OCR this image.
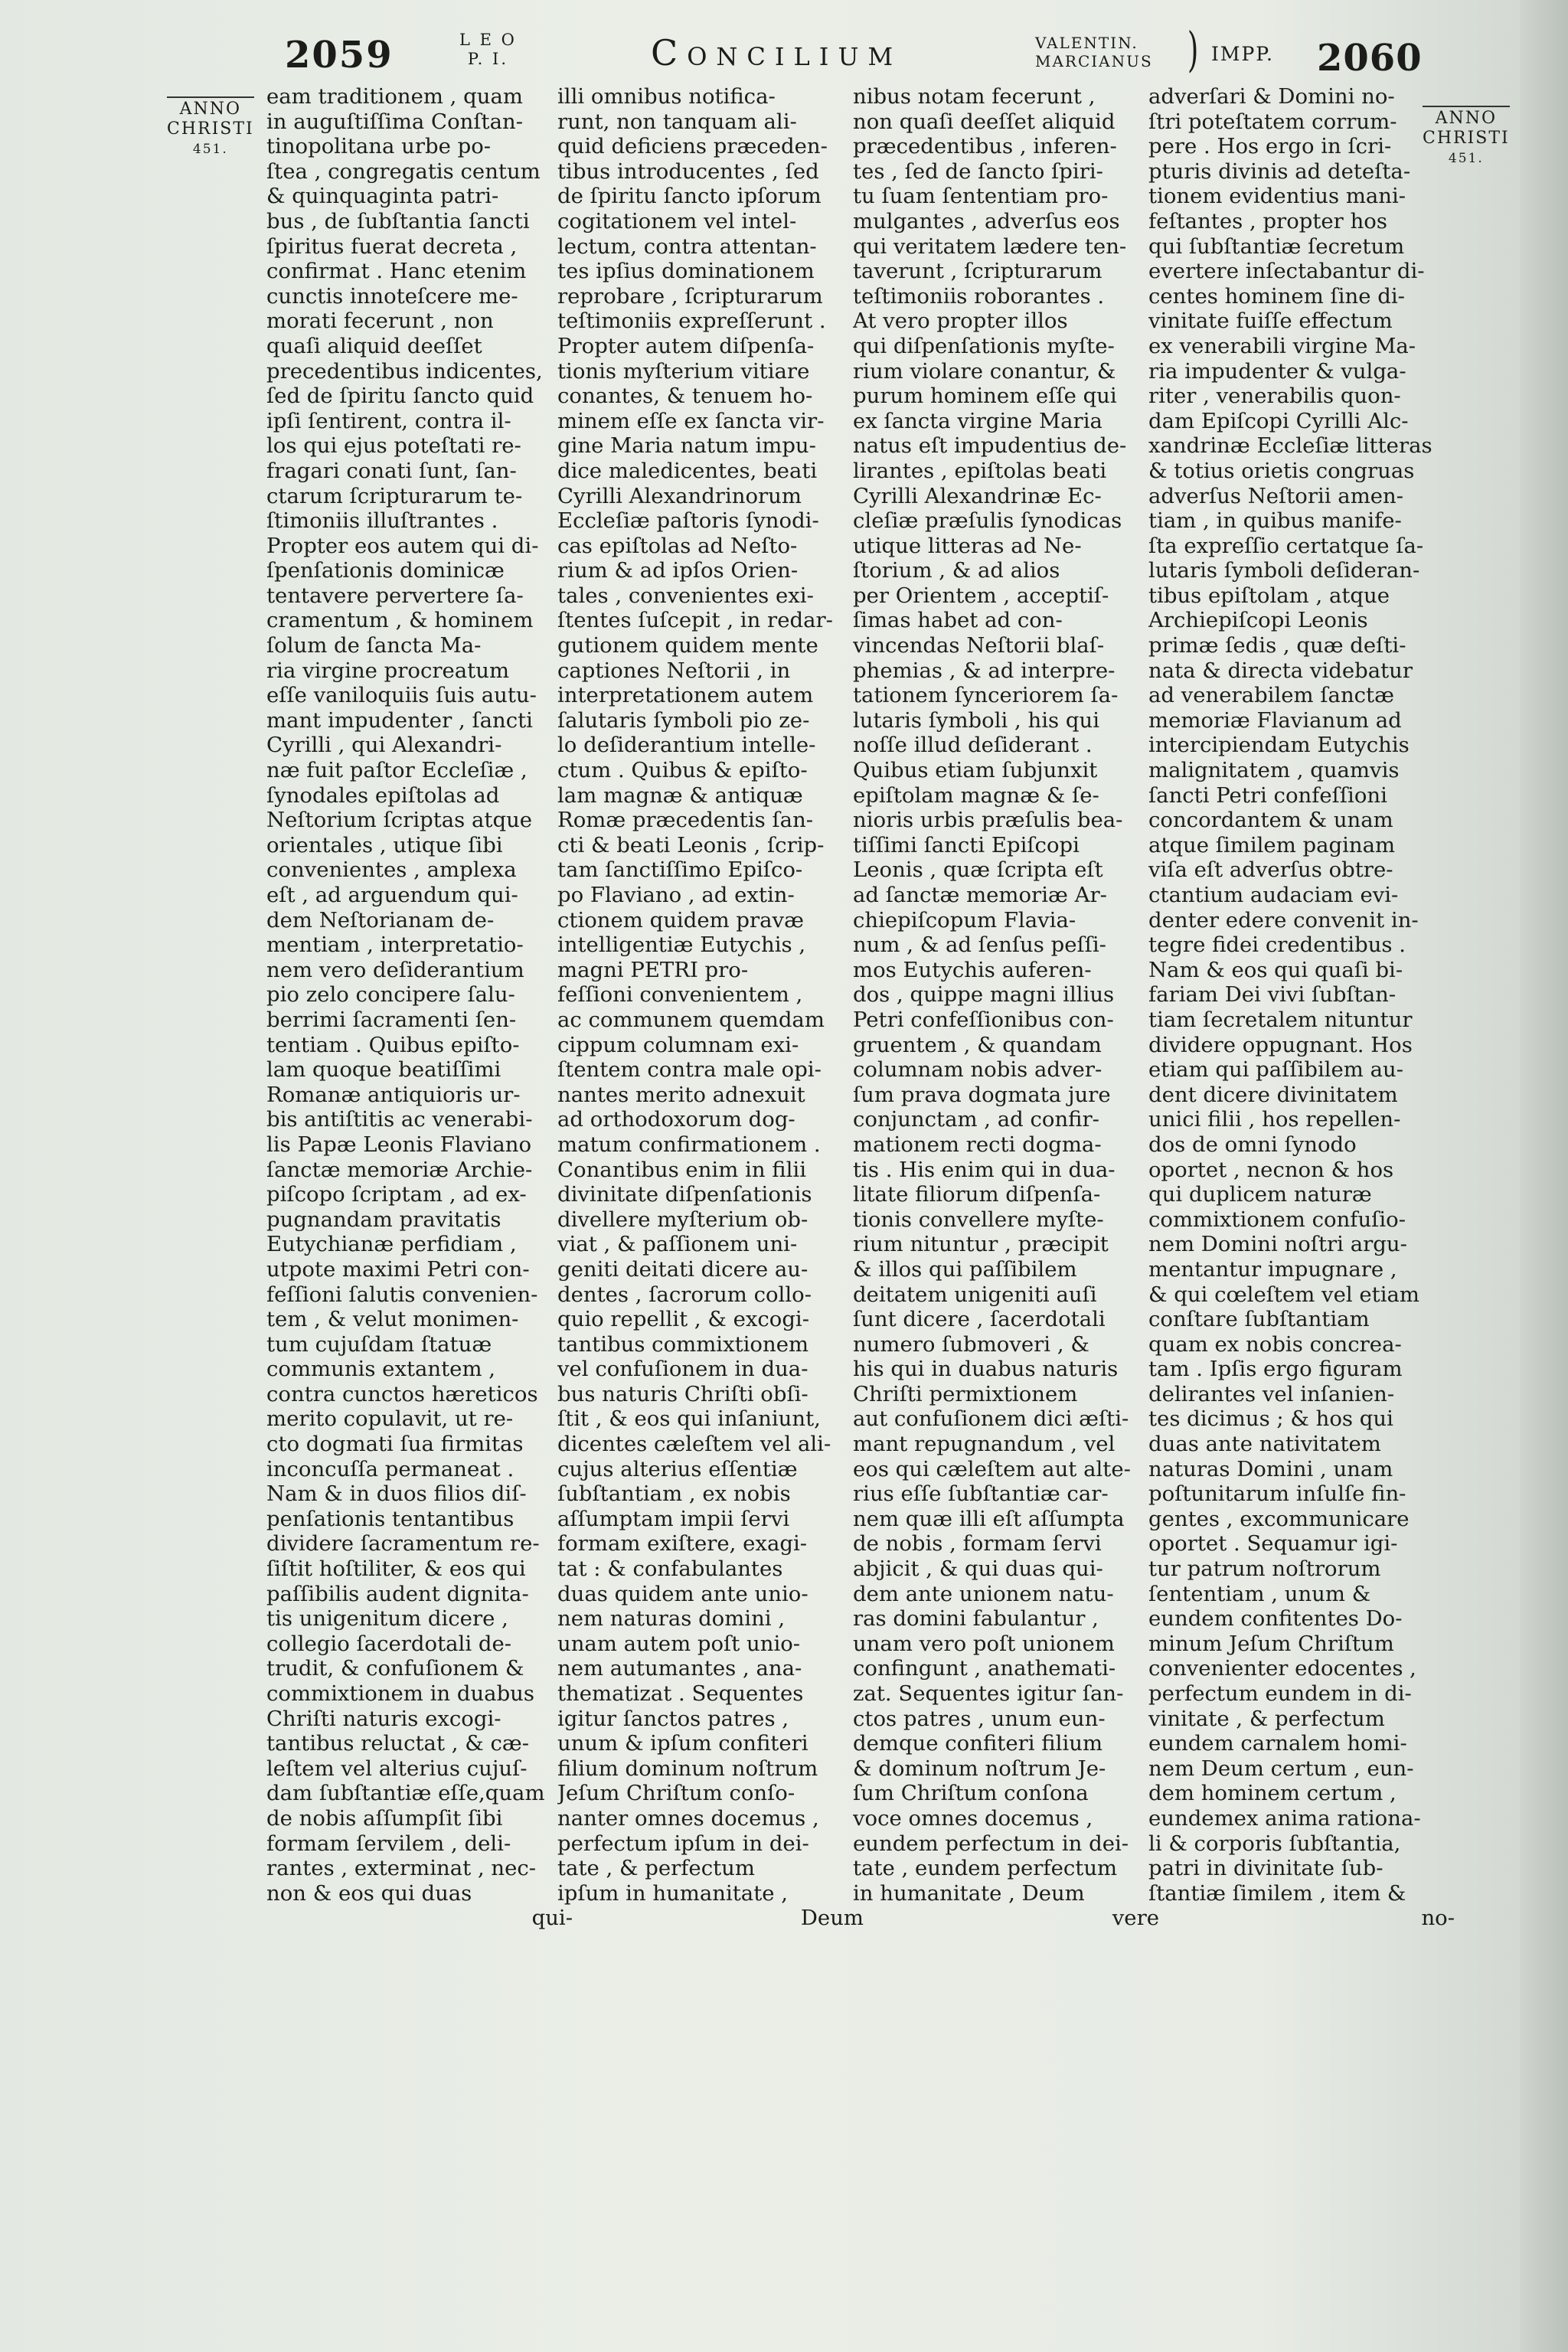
2059	L E O
P. I.	Concilium	VALENTIN.
MARCIANUS ) IMPP. 2060
ANNO
CHRISTI
451.
ANNO
CHRISTI
451.
eam traditionem , quam
in auguſtiſſima Conſtan-
tinopolitana urbe po-
ſtea , congregatis centum
& quinquaginta patri-
bus , de ſubſtantia ſancti
ſpiritus fuerat decreta ,
confirmat . Hanc etenim
cunctis innoteſcere me-
morati fecerunt , non
quaſi aliquid deeſſet
precedentibus indicentes,
ſed de ſpiritu ſancto quid
ipſi ſentirent, contra il-
los qui ejus poteſtati re-
fragari conati ſunt, ſan-
ctarum ſcripturarum te-
ſtimoniis illuſtrantes .
Propter eos autem qui di-
ſpenſationis dominicæ
tentavere pervertere ſa-
cramentum , & hominem
ſolum de ſancta Ma-
ria virgine procreatum
eſſe vaniloquiis ſuis autu-
mant impudenter , ſancti
Cyrilli , qui Alexandri-
næ fuit paſtor Eccleſiæ ,
ſynodales epiſtolas ad
Neſtorium ſcriptas atque
orientales , utique ſibi
convenientes , amplexa
eſt , ad arguendum qui-
dem Neſtorianam de-
mentiam , interpretatio-
nem vero deſiderantium
pio zelo concipere ſalu-
berrimi ſacramenti ſen-
tentiam . Quibus epiſto-
lam quoque beatiſſimi
Romanæ antiquioris ur-
bis antiſtitis ac venerabi-
lis Papæ Leonis Flaviano
ſanctæ memoriæ Archie-
piſcopo ſcriptam , ad ex-
pugnandam pravitatis
Eutychianæ perfidiam ,
utpote maximi Petri con-
feſſioni ſalutis convenien-
tem , & velut monimen-
tum cujuſdam ſtatuæ
communis extantem ,
contra cunctos hæreticos
merito copulavit, ut re-
cto dogmati ſua firmitas
inconcuſſa permaneat .
Nam & in duos filios diſ-
penſationis tentantibus
dividere ſacramentum re-
ſiſtit hoſtiliter, & eos qui
paſſibilis audent dignita-
tis unigenitum dicere ,
collegio ſacerdotali de-
trudit, & confuſionem &
commixtionem in duabus
Chriſti naturis excogi-
tantibus reluctat , & cæ-
leſtem vel alterius cujuſ-
dam ſubſtantiæ eſſe,quam
de nobis aſſumpſit ſibi
formam ſervilem , deli-
rantes , exterminat , nec-
non & eos qui duas
qui-
illi omnibus notifica-
runt, non tanquam ali-
quid deficiens præceden-
tibus introducentes , ſed
de ſpiritu ſancto ipſorum
cogitationem vel intel-
lectum, contra attentan-
tes ipſius dominationem
reprobare , ſcripturarum
teſtimoniis expreſſerunt .
Propter autem diſpenſa-
tionis myſterium vitiare
conantes, & tenuem ho-
minem eſſe ex ſancta vir-
gine Maria natum impu-
dice maledicentes, beati
Cyrilli Alexandrinorum
Eccleſiæ paſtoris ſynodi-
cas epiſtolas ad Neſto-
rium & ad ipſos Orien-
tales , convenientes exi-
ſtentes ſuſcepit , in redar-
gutionem quidem mente
captiones Neſtorii , in
interpretationem autem
ſalutaris ſymboli pio ze-
lo deſiderantium intelle-
ctum . Quibus & epiſto-
lam magnæ & antiquæ
Romæ præcedentis ſan-
cti & beati Leonis , ſcrip-
tam ſanctiſſimo Epiſco-
po Flaviano , ad extin-
ctionem quidem pravæ
intelligentiæ Eutychis ,
magni PETRI pro-
feſſioni convenientem ,
ac communem quemdam
cippum columnam exi-
ſtentem contra male opi-
nantes merito adnexuit
ad orthodoxorum dog-
matum confirmationem .
Conantibus enim in filii
divinitate diſpenſationis
divellere myſterium ob-
viat , & paſſionem uni-
geniti deitati dicere au-
dentes , ſacrorum collo-
quio repellit , & excogi-
tantibus commixtionem
vel confuſionem in dua-
bus naturis Chriſti obſi-
ſtit , & eos qui inſaniunt,
dicentes cæleſtem vel ali-
cujus alterius eſſentiæ
ſubſtantiam , ex nobis
aſſumptam impii ſervi
formam exiſtere, exagi-
tat : & confabulantes
duas quidem ante unio-
nem naturas domini ,
unam autem poſt unio-
nem autumantes , ana-
thematizat . Sequentes
igitur ſanctos patres ,
unum & ipſum confiteri
filium dominum noſtrum
Jeſum Chriſtum conſo-
nanter omnes docemus ,
perfectum ipſum in dei-
tate , & perfectum
ipſum in humanitate ,
Deum
nibus notam fecerunt ,
non quaſi deeſſet aliquid
præcedentibus , inferen-
tes , ſed de ſancto ſpiri-
tu ſuam ſententiam pro-
mulgantes , adverſus eos
qui veritatem lædere ten-
taverunt , ſcripturarum
teſtimoniis roborantes .
At vero propter illos
qui diſpenſationis myſte-
rium violare conantur, &
purum hominem eſſe qui
ex ſancta virgine Maria
natus eſt impudentius de-
lirantes , epiſtolas beati
Cyrilli Alexandrinæ Ec-
cleſiæ præſulis ſynodicas
utique litteras ad Ne-
ſtorium , & ad alios
per Orientem , acceptiſ-
ſimas habet ad con-
vincendas Neſtorii blaſ-
phemias , & ad interpre-
tationem ſynceriorem ſa-
lutaris ſymboli , his qui
noſſe illud deſiderant .
Quibus etiam ſubjunxit
epiſtolam magnæ & ſe-
nioris urbis præſulis bea-
tiſſimi ſancti Epiſcopi
Leonis , quæ ſcripta eſt
ad ſanctæ memoriæ Ar-
chiepiſcopum Flavia-
num , & ad ſenſus peſſi-
mos Eutychis auferen-
dos , quippe magni illius
Petri confeſſionibus con-
gruentem , & quandam
columnam nobis adver-
ſum prava dogmata jure
conjunctam , ad confir-
mationem recti dogma-
tis . His enim qui in dua-
litate filiorum diſpenſa-
tionis convellere myſte-
rium nituntur , præcipit
& illos qui paſſibilem
deitatem unigeniti auſi
ſunt dicere , ſacerdotali
numero ſubmoveri , &
his qui in duabus naturis
Chriſti permixtionem
aut confuſionem dici æſti-
mant repugnandum , vel
eos qui cæleſtem aut alte-
rius eſſe ſubſtantiæ car-
nem quæ illi eſt aſſumpta
de nobis , formam ſervi
abjicit , & qui duas qui-
dem ante unionem natu-
ras domini fabulantur ,
unam vero poſt unionem
confingunt , anathemati-
zat. Sequentes igitur ſan-
ctos patres , unum eun-
demque confiteri filium
& dominum noſtrum Je-
ſum Chriſtum conſona
voce omnes docemus ,
eundem perfectum in dei-
tate , eundem perfectum
in humanitate , Deum
vere
adverſari & Domini no-
ſtri poteſtatem corrum-
pere . Hos ergo in ſcri-
pturis divinis ad deteſta-
tionem evidentius mani-
feſtantes , propter hos
qui ſubſtantiæ ſecretum
evertere inſectabantur di-
centes hominem ſine di-
vinitate fuiſſe effectum
ex venerabili virgine Ma-
ria impudenter & vulga-
riter , venerabilis quon-
dam Epiſcopi Cyrilli Alc-
xandrinæ Eccleſiæ litteras
& totius orietis congruas
adverſus Neſtorii amen-
tiam , in quibus manife-
ſta expreſſio certatque ſa-
lutaris ſymboli deſideran-
tibus epiſtolam , atque
Archiepiſcopi Leonis
primæ ſedis , quæ deſti-
nata & directa videbatur
ad venerabilem ſanctæ
memoriæ Flavianum ad
intercipiendam Eutychis
malignitatem , quamvis
ſancti Petri confeſſioni
concordantem & unam
atque ſimilem paginam
viſa eſt adverſus obtre-
ctantium audaciam evi-
denter edere convenit in-
tegre fidei credentibus .
Nam & eos qui quaſi bi-
fariam Dei vivi ſubſtan-
tiam ſecretalem nituntur
dividere oppugnant. Hos
etiam qui paſſibilem au-
dent dicere divinitatem
unici filii , hos repellen-
dos de omni ſynodo
oportet , necnon & hos
qui duplicem naturæ
commixtionem confuſio-
nem Domini noſtri argu-
mentantur impugnare ,
& qui cœleſtem vel etiam
conſtare ſubſtantiam
quam ex nobis concrea-
tam . Ipſis ergo figuram
delirantes vel inſanien-
tes dicimus ; & hos qui
duas ante nativitatem
naturas Domini , unam
poſtunitarum inſulſe fin-
gentes , excommunicare
oportet . Sequamur igi-
tur patrum noſtrorum
ſententiam , unum &
eundem confitentes Do-
minum Jeſum Chriſtum
convenienter edocentes ,
perfectum eundem in di-
vinitate , & perfectum
eundem carnalem homi-
nem Deum certum , eun-
dem hominem certum ,
eundemex anima rationa-
li & corporis ſubſtantia,
patri in divinitate ſub-
ſtantiæ ſimilem , item &
no-
